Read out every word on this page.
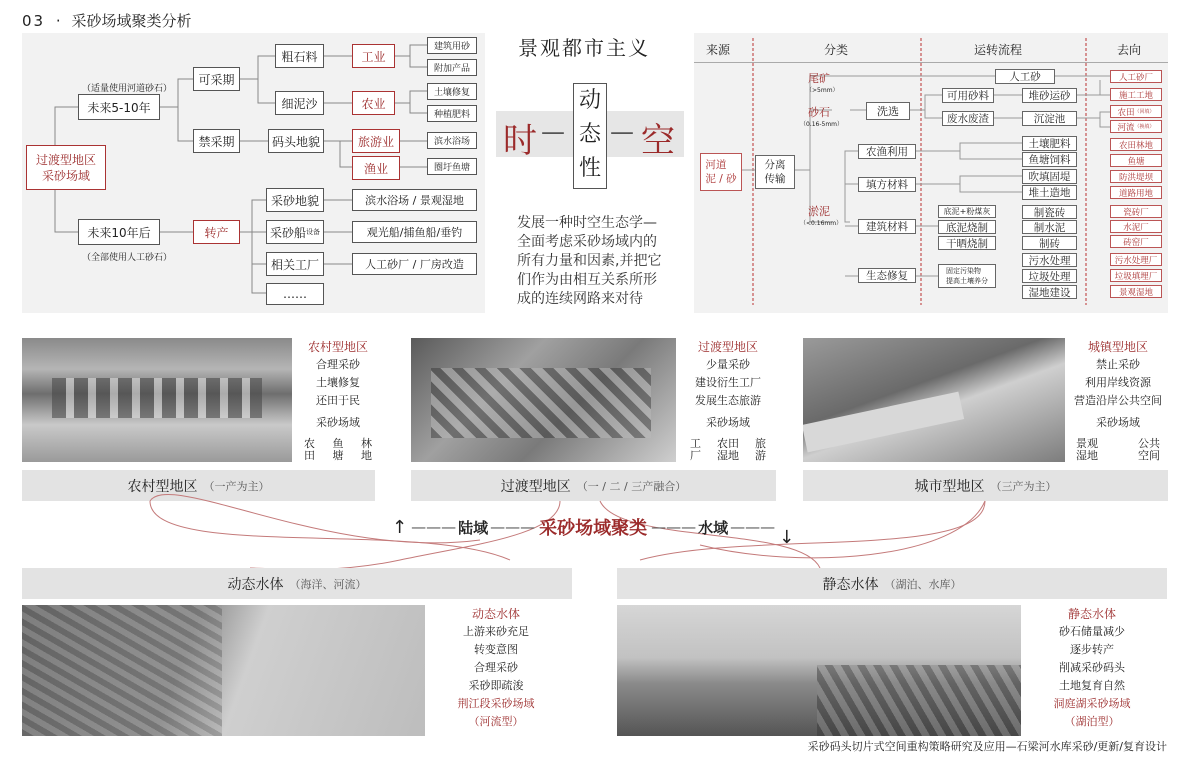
03 · 采砂场域聚类分析
过渡型地区
采砂场域
（适量使用河道砂石）
未来5-10年
未来10年后
（全部使用人工砂石）
可采期
禁采期
转产
粗石料
细泥沙
码头地貌
采砂地貌
采砂船 设备
相关工厂
……
工业
农业
旅游业
渔业
建筑用砂
附加产品
土壤修复
种植肥料
滨水浴场
圈圩鱼塘
滨水浴场 / 景观湿地
观光船/捕鱼船/垂钓
人工砂厂 / 厂房改造
景观都市主义
时 —
动
态
性
— 空
发展一种时空生态学—
全面考虑采砂场域内的
所有力量和因素,并把它
们作为由相互关系所形
成的连续网路来对待
来源	分类	运转流程	去向
河道
泥 / 砂
分离
传输
尾矿
（>5mm）
砂石
（0.16-5mm）
淤泥
（<0.16mm）
洗选
可用砂料	堆砂运砂
废水废渣	沉淀池
人工砂
农渔利用
填方材料
建筑材料
生态修复
土壤肥料
鱼塘饲料
吹填固堤
堆土造地
底泥+粉煤灰
底泥烧制
干晒烧制
制瓷砖
制水泥
制砖
固定污染物
提高土壤养分
污水处理
垃圾处理
湿地建设
人工砂厂
施工工地
农田 （回填）
河流 （换填）
农田林地
鱼塘
防洪堤坝
道路用地
瓷砖厂
水泥厂
砖窑厂
污水处理厂
垃圾填埋厂
景观湿地
农村型地区
合理采砂
土壤修复
还田于民
采砂场域
农
田
鱼
塘
林
地
过渡型地区
少量采砂
建设衍生工厂
发展生态旅游
采砂场域
工
厂
农田
湿地
旅
游
城镇型地区
禁止采砂
利用岸线资源
营造沿岸公共空间
采砂场域
景观
湿地
公共
空间
农村型地区 （一产为主）	过渡型地区 （一 / 二 / 三产融合）	城市型地区 （三产为主）
↑ ——— 陆域 ——— 采砂场域聚类 ——— 水域 ——— ↓
动态水体 （海洋、河流）	静态水体 （湖泊、水库）
动态水体
上游来砂充足
转变意图
合理采砂
采砂即疏浚
荆江段采砂场域
（河流型）
静态水体
砂石储量减少
逐步转产
削减采砂码头
土地复育自然
洞庭湖采砂场域
（湖泊型）
采砂码头切片式空间重构策略研究及应用—石梁河水库采砂/更新/复育设计
